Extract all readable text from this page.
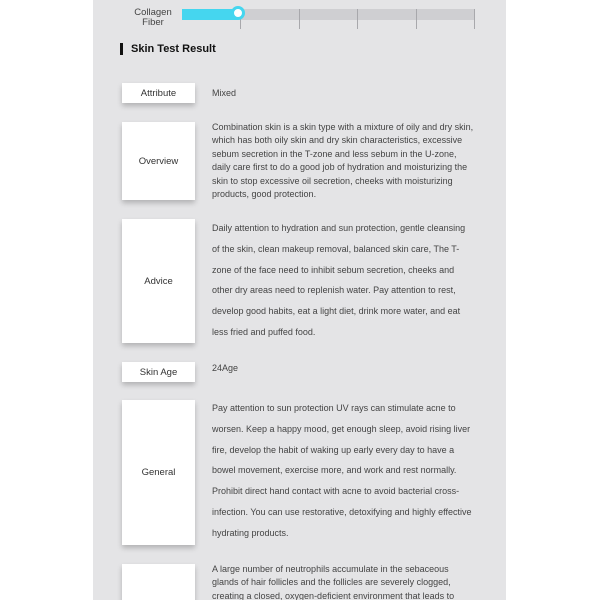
Collagen Fiber
Skin Test Result
Attribute	Mixed
Overview
Combination skin is a skin type with a mixture of oily and dry skin, which has both oily skin and dry skin characteristics, excessive sebum secretion in the T-zone and less sebum in the U-zone, daily care first to do a good job of hydration and moisturizing the skin to stop excessive oil secretion, cheeks with moisturizing products, good protection.
Advice
Daily attention to hydration and sun protection, gentle cleansing of the skin, clean makeup removal, balanced skin care, The T-zone of the face need to inhibit sebum secretion, cheeks and other dry areas need to replenish water. Pay attention to rest, develop good habits, eat a light diet, drink more water, and eat less fried and puffed food.
Skin Age	24Age
General
Pay attention to sun protection UV rays can stimulate acne to worsen. Keep a happy mood, get enough sleep, avoid rising liver fire, develop the habit of waking up early every day to have a bowel movement, exercise more, and work and rest normally. Prohibit direct hand contact with acne to avoid bacterial cross-infection. You can use restorative, detoxifying and highly effective hydrating products.
A large number of neutrophils accumulate in the sebaceous glands of hair follicles and the follicles are severely clogged, creating a closed, oxygen-deficient environment that leads to
